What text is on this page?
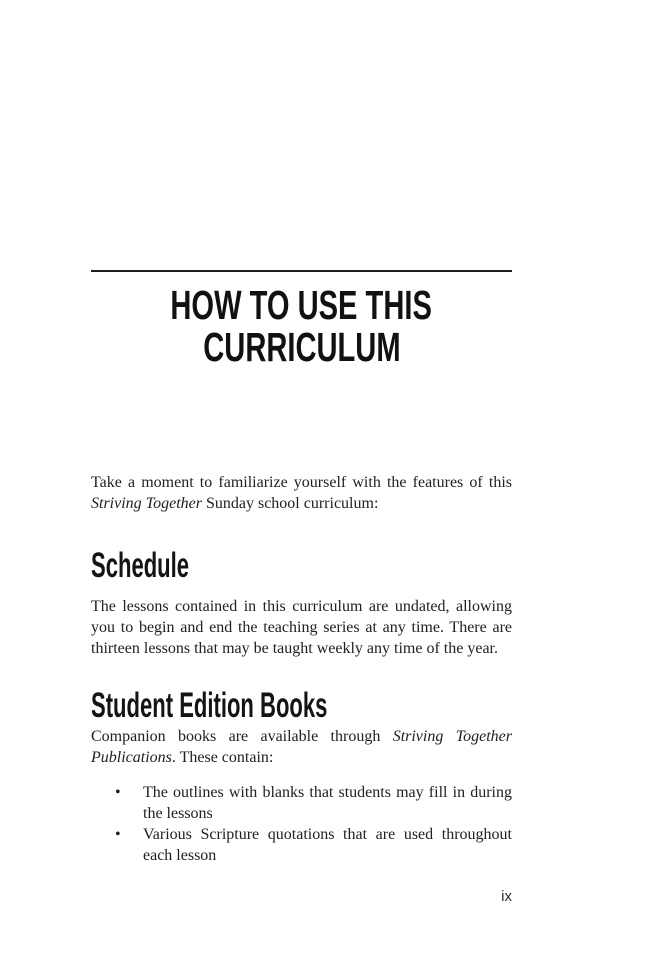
HOW TO USE THIS
CURRICULUM
Take a moment to familiarize yourself with the features of this
Striving Together Sunday school curriculum:
Schedule
The lessons contained in this curriculum are undated, allowing
you to begin and end the teaching series at any time. There are
thirteen lessons that may be taught weekly any time of the year.
Student Edition Books
Companion books are available through Striving Together
Publications. These contain:
• The outlines with blanks that students may fill in during
the lessons
• Various Scripture quotations that are used throughout
each lesson
ix
